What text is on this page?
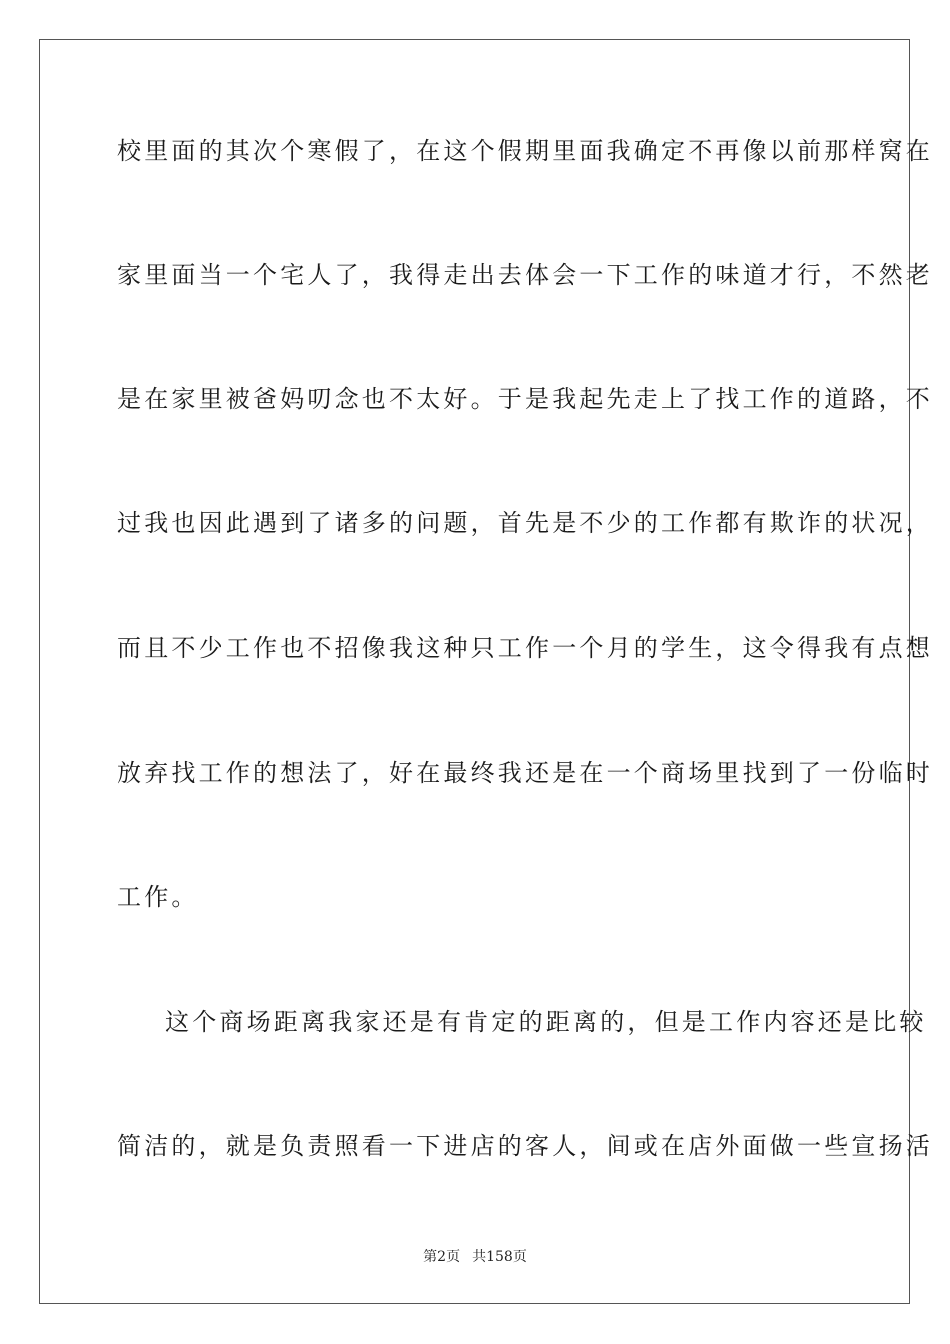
校里面的其次个寒假了，在这个假期里面我确定不再像以前那样窝在
家里面当一个宅人了，我得走出去体会一下工作的味道才行，不然老
是在家里被爸妈叨念也不太好。于是我起先走上了找工作的道路，不
过我也因此遇到了诸多的问题，首先是不少的工作都有欺诈的状况，
而且不少工作也不招像我这种只工作一个月的学生，这令得我有点想
放弃找工作的想法了，好在最终我还是在一个商场里找到了一份临时
工作。
这个商场距离我家还是有肯定的距离的，但是工作内容还是比较
简洁的，就是负责照看一下进店的客人，间或在店外面做一些宣扬活
第2页 共158页
